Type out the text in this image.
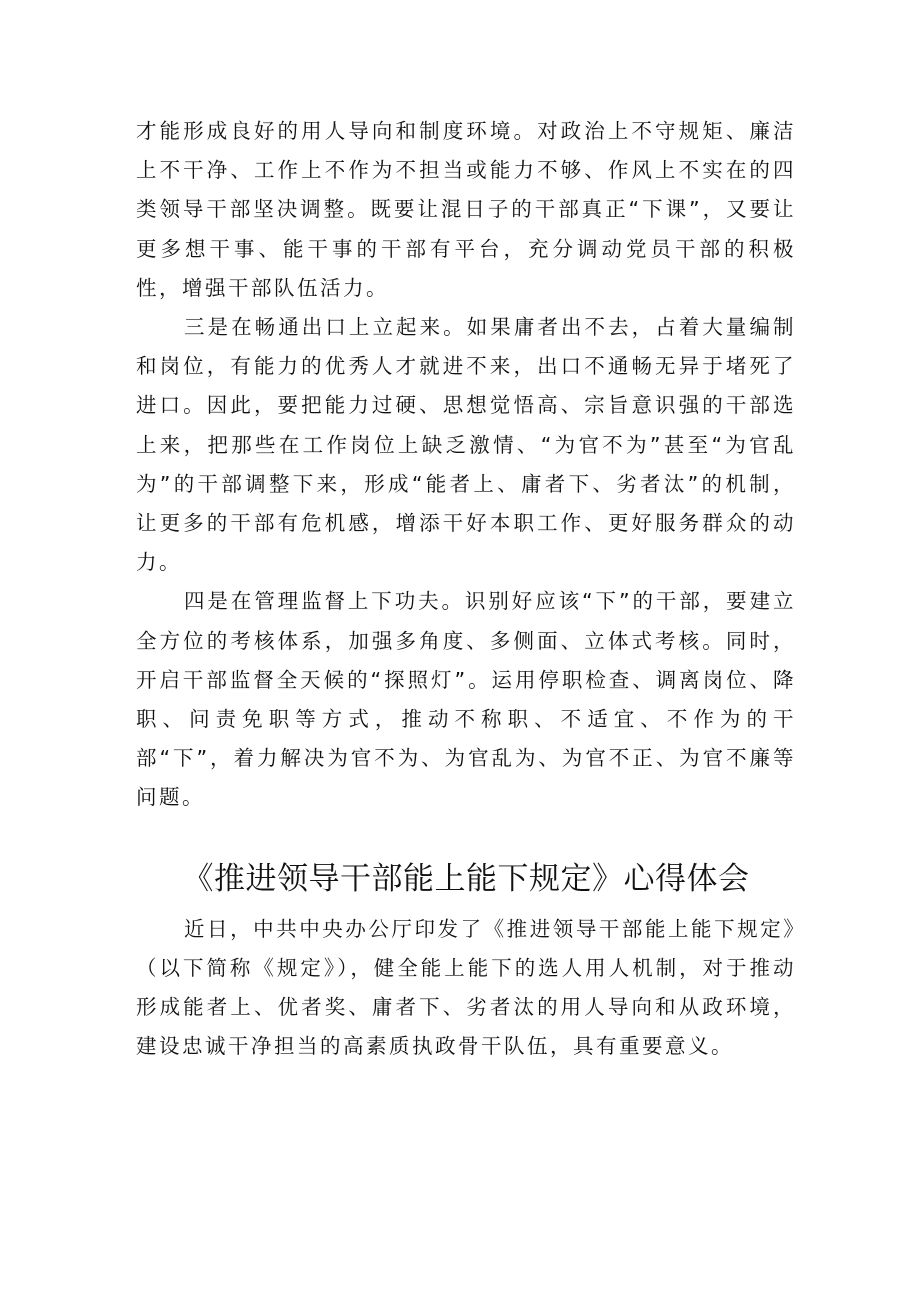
才能形成良好的用人导向和制度环境。对政治上不守规矩、廉洁上不干净、工作上不作为不担当或能力不够、作风上不实在的四类领导干部坚决调整。既要让混日子的干部真正“下课”，又要让更多想干事、能干事的干部有平台，充分调动党员干部的积极性，增强干部队伍活力。

三是在畅通出口上立起来。如果庸者出不去，占着大量编制和岗位，有能力的优秀人才就进不来，出口不通畅无异于堵死了进口。因此，要把能力过硬、思想觉悟高、宗旨意识强的干部选上来，把那些在工作岗位上缺乏激情、“为官不为”甚至“为官乱为”的干部调整下来，形成“能者上、庸者下、劣者汰”的机制，让更多的干部有危机感，增添干好本职工作、更好服务群众的动力。

四是在管理监督上下功夫。识别好应该“下”的干部，要建立全方位的考核体系，加强多角度、多侧面、立体式考核。同时，开启干部监督全天候的“探照灯”。运用停职检查、调离岗位、降职、问责免职等方式，推动不称职、不适宜、不作为的干部“下”，着力解决为官不为、为官乱为、为官不正、为官不廉等问题。

《推进领导干部能上能下规定》心得体会

近日，中共中央办公厅印发了《推进领导干部能上能下规定》（以下简称《规定》），健全能上能下的选人用人机制，对于推动形成能者上、优者奖、庸者下、劣者汰的用人导向和从政环境，建设忠诚干净担当的高素质执政骨干队伍，具有重要意义。
